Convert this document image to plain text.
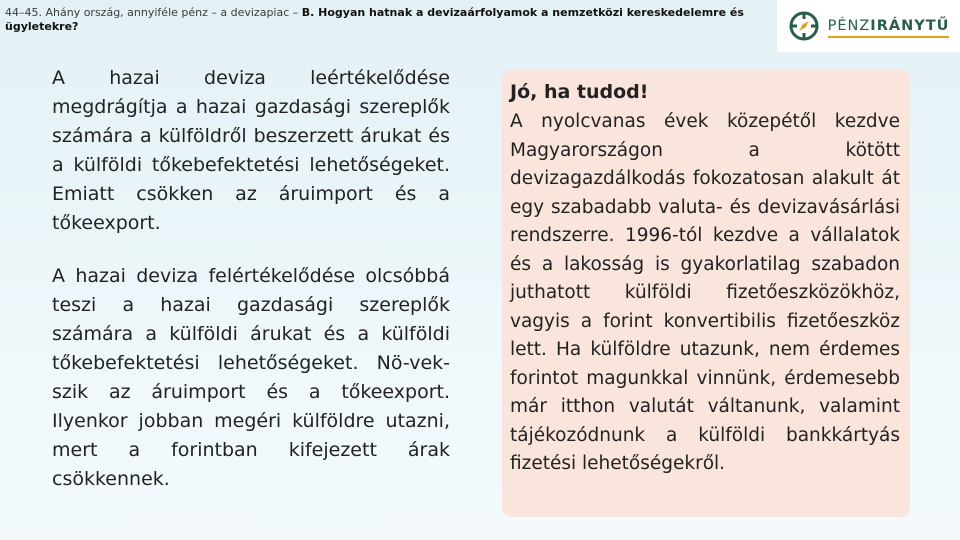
44–45. Ahány ország, annyiféle pénz – a devizapiac – B. Hogyan hatnak a devizaárfolyamok a nemzetközi kereskedelemre és ügyletekre?	PÉNZIRÁNYTŰ

A hazai deviza leértékelődése megdrágítja a hazai gazdasági szereplők számára a külföldről beszerzett árukat és a külföldi tőkebefektetési lehetőségeket. Emiatt csökken az áruimport és a tőkeexport.

A hazai deviza felértékelődése olcsóbbá teszi a hazai gazdasági szereplők számára a külföldi árukat és a külföldi tőkebefektetési lehetőségeket. Nö-vek-szik az áruimport és a tőkeexport. Ilyenkor jobban megéri külföldre utazni, mert a forintban kifejezett árak csökkennek.

Jó, ha tudod!

A nyolcvanas évek közepétől kezdve Magyarországon a kötött devizagazdálkodás fokozatosan alakult át egy szabadabb valuta- és devizavásárlási rendszerre. 1996-tól kezdve a vállalatok és a lakosság is gyakorlatilag szabadon juthatott külföldi fizetőeszközökhöz, vagyis a forint konvertibilis fizetőeszköz lett. Ha külföldre utazunk, nem érdemes forintot magunkkal vinnünk, érdemesebb már itthon valutát váltanunk, valamint tájékozódnunk a külföldi bankkártyás fizetési lehetőségekről.
